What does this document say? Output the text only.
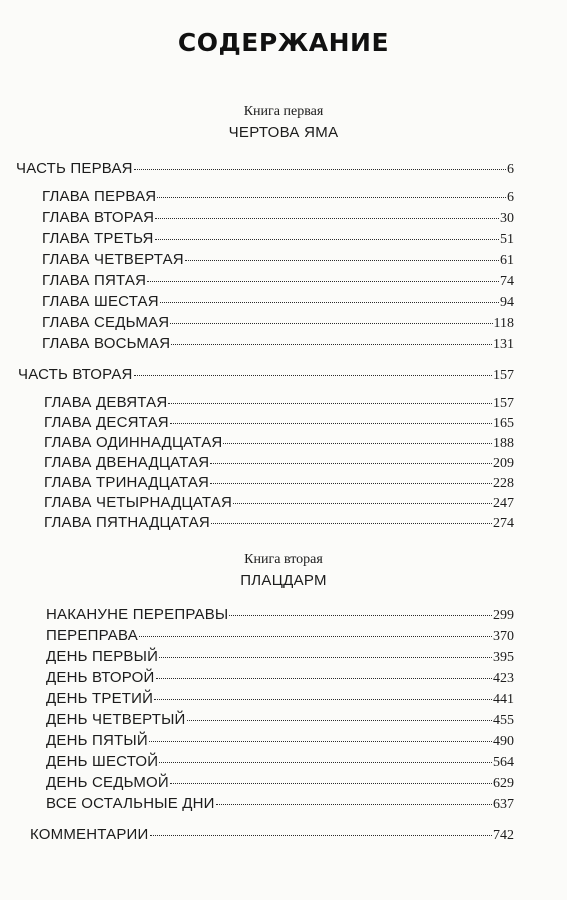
СОДЕРЖАНИЕ
Книга первая
ЧЕРТОВА ЯМА
ЧАСТЬ ПЕРВАЯ	6
ГЛАВА ПЕРВАЯ	6
ГЛАВА ВТОРАЯ	30
ГЛАВА ТРЕТЬЯ	51
ГЛАВА ЧЕТВЕРТАЯ	61
ГЛАВА ПЯТАЯ	74
ГЛАВА ШЕСТАЯ	94
ГЛАВА СЕДЬМАЯ	118
ГЛАВА ВОСЬМАЯ	131
ЧАСТЬ ВТОРАЯ	157
ГЛАВА ДЕВЯТАЯ	157
ГЛАВА ДЕСЯТАЯ	165
ГЛАВА ОДИННАДЦАТАЯ	188
ГЛАВА ДВЕНАДЦАТАЯ	209
ГЛАВА ТРИНАДЦАТАЯ	228
ГЛАВА ЧЕТЫРНАДЦАТАЯ	247
ГЛАВА ПЯТНАДЦАТАЯ	274
Книга вторая
ПЛАЦДАРМ
НАКАНУНЕ ПЕРЕПРАВЫ	299
ПЕРЕПРАВА	370
ДЕНЬ ПЕРВЫЙ	395
ДЕНЬ ВТОРОЙ	423
ДЕНЬ ТРЕТИЙ	441
ДЕНЬ ЧЕТВЕРТЫЙ	455
ДЕНЬ ПЯТЫЙ	490
ДЕНЬ ШЕСТОЙ	564
ДЕНЬ СЕДЬМОЙ	629
ВСЕ ОСТАЛЬНЫЕ ДНИ	637
КОММЕНТАРИИ	742
